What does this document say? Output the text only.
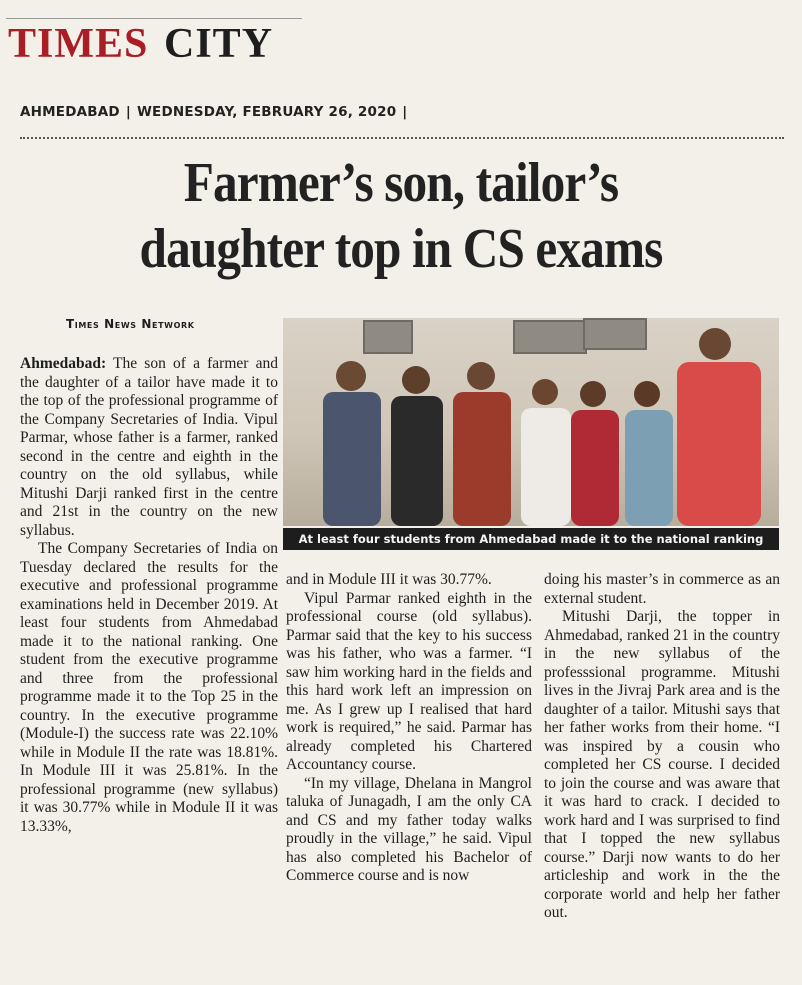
TIMES CITY
AHMEDABAD | WEDNESDAY, FEBRUARY 26, 2020 |
Farmer’s son, tailor’s
daughter top in CS exams
Times News Network
At least four students from Ahmedabad made it to the national ranking

Ahmedabad: The son of a farmer and the daughter of a tailor have made it to the top of the professional programme of the Company Secretaries of India. Vipul Parmar, whose father is a farmer, ranked second in the centre and eighth in the country on the old syllabus, while Mitushi Darji ranked first in the centre and 21st in the country on the new syllabus.

The Company Secretaries of India on Tuesday declared the results for the executive and professional programme examinations held in December 2019. At least four students from Ahmedabad made it to the national ranking. One student from the executive programme and three from the professional programme made it to the Top 25 in the country. In the executive programme (Module-I) the success rate was 22.10% while in Module II the rate was 18.81%. In Module III it was 25.81%. In the professional programme (new syllabus) it was 30.77% while in Module II it was 13.33%,

and in Module III it was 30.77%.

Vipul Parmar ranked eighth in the professional course (old syllabus). Parmar said that the key to his success was his father, who was a farmer. “I saw him working hard in the fields and this hard work left an impression on me. As I grew up I realised that hard work is required,” he said. Parmar has already completed his Chartered Accountancy course.

“In my village, Dhelana in Mangrol taluka of Junagadh, I am the only CA and CS and my father today walks proudly in the village,” he said. Vipul has also completed his Bachelor of Commerce course and is now

doing his master’s in commerce as an external student.

Mitushi Darji, the topper in Ahmedabad, ranked 21 in the country in the new syllabus of the professsional programme. Mitushi lives in the Jivraj Park area and is the daughter of a tailor. Mitushi says that her father works from their home. “I was inspired by a cousin who completed her CS course. I decided to join the course and was aware that it was hard to crack. I decided to work hard and I was surprised to find that I topped the new syllabus course.” Darji now wants to do her articleship and work in the the corporate world and help her father out.
